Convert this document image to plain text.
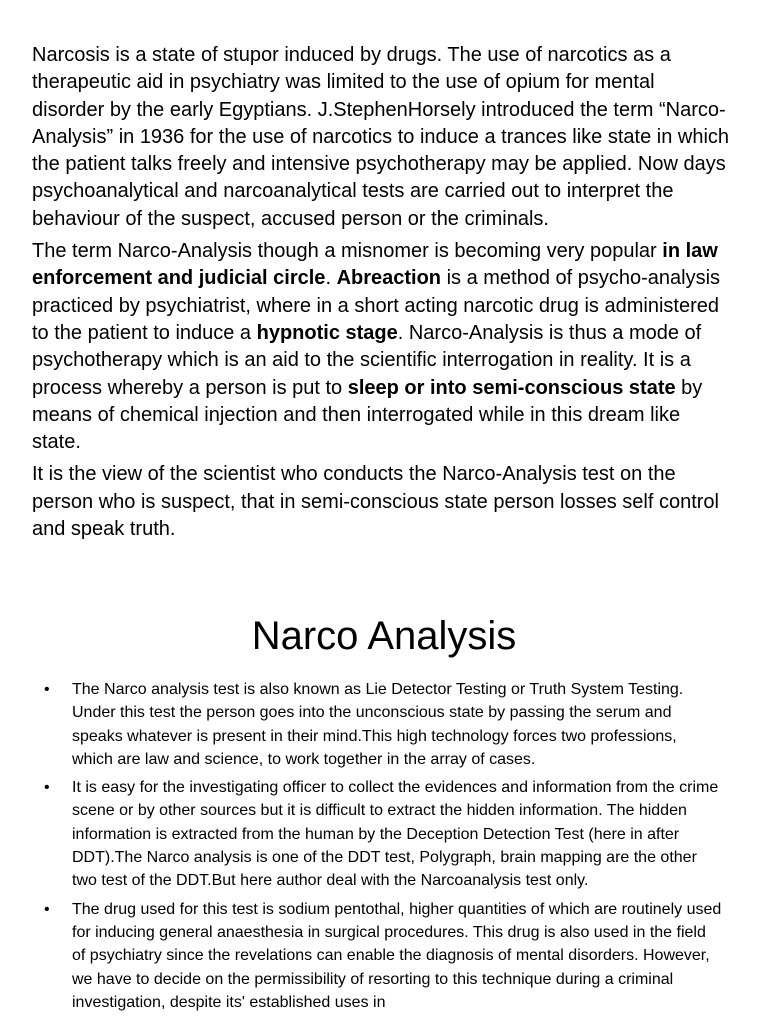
Narcosis is a state of stupor induced by drugs. The use of narcotics as a therapeutic aid in psychiatry was limited to the use of opium for mental disorder by the early Egyptians. J.StephenHorsely introduced the term “Narco-Analysis” in 1936 for the use of narcotics to induce a trances like state in which the patient talks freely and intensive psychotherapy may be applied. Now days psychoanalytical and narcoanalytical tests are carried out to interpret the behaviour of the suspect, accused person or the criminals.

The term Narco-Analysis though a misnomer is becoming very popular in law enforcement and judicial circle. Abreaction is a method of psycho-analysis practiced by psychiatrist, where in a short acting narcotic drug is administered to the patient to induce a hypnotic stage. Narco-Analysis is thus a mode of psychotherapy which is an aid to the scientific interrogation in reality. It is a process whereby a person is put to sleep or into semi-conscious state by means of chemical injection and then interrogated while in this dream like state.

It is the view of the scientist who conducts the Narco-Analysis test on the person who is suspect, that in semi-conscious state person losses self control and speak truth.

Narco Analysis
• The Narco analysis test is also known as Lie Detector Testing or Truth System Testing. Under this test the person goes into the unconscious state by passing the serum and speaks whatever is present in their mind.This high technology forces two professions, which are law and science, to work together in the array of cases.
• It is easy for the investigating officer to collect the evidences and information from the crime scene or by other sources but it is difficult to extract the hidden information. The hidden information is extracted from the human by the Deception Detection Test (here in after DDT).The Narco analysis is one of the DDT test, Polygraph, brain mapping are the other two test of the DDT.But here author deal with the Narcoanalysis test only.
• The drug used for this test is sodium pentothal, higher quantities of which are routinely used for inducing general anaesthesia in surgical procedures. This drug is also used in the field of psychiatry since the revelations can enable the diagnosis of mental disorders. However, we have to decide on the permissibility of resorting to this technique during a criminal investigation, despite its' established uses in
